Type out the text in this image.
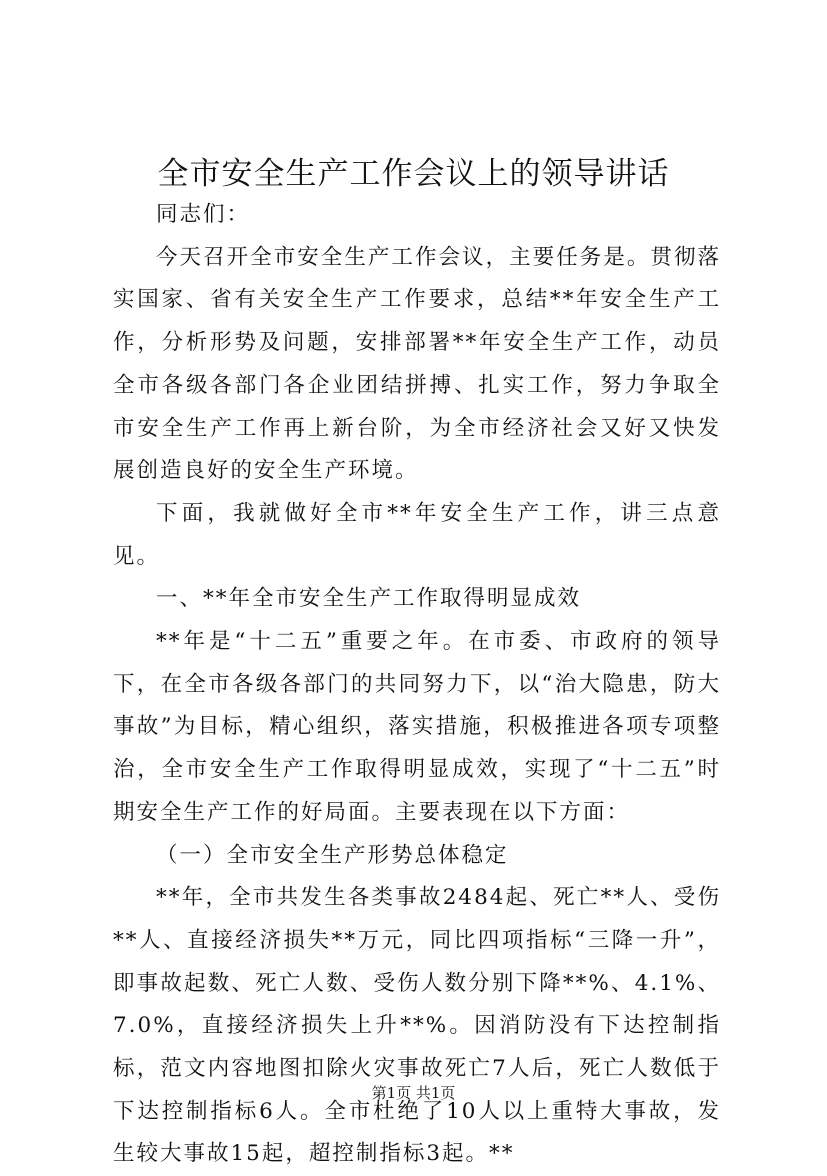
全市安全生产工作会议上的领导讲话

同志们：

今天召开全市安全生产工作会议，主要任务是。贯彻落实国家、省有关安全生产工作要求，总结**年安全生产工作，分析形势及问题，安排部署**年安全生产工作，动员全市各级各部门各企业团结拼搏、扎实工作，努力争取全市安全生产工作再上新台阶，为全市经济社会又好又快发展创造良好的安全生产环境。

下面，我就做好全市**年安全生产工作，讲三点意见。

一、**年全市安全生产工作取得明显成效

**年是“十二五”重要之年。在市委、市政府的领导下，在全市各级各部门的共同努力下，以“治大隐患，防大事故”为目标，精心组织，落实措施，积极推进各项专项整治，全市安全生产工作取得明显成效，实现了“十二五”时期安全生产工作的好局面。主要表现在以下方面：

（一）全市安全生产形势总体稳定

**年，全市共发生各类事故2484起、死亡**人、受伤**人、直接经济损失**万元，同比四项指标“三降一升”，即事故起数、死亡人数、受伤人数分别下降**%、4.1%、7.0%，直接经济损失上升**%。因消防没有下达控制指标，范文内容地图扣除火灾事故死亡7人后，死亡人数低于下达控制指标6人。全市杜绝了10人以上重特大事故，发生较大事故15起，超控制指标3起。**

第1页 共1页
